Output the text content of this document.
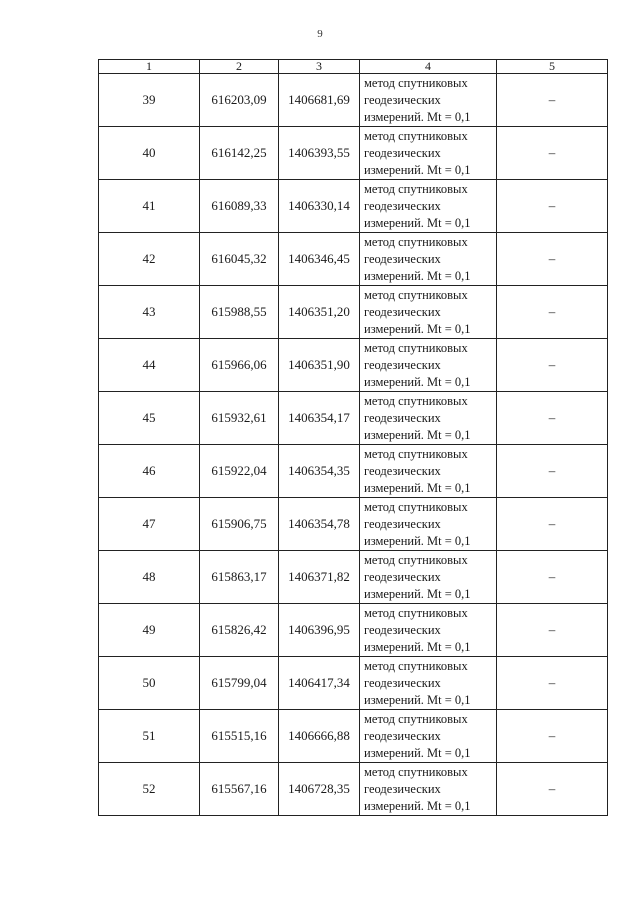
9
1	2	3	4	5
39	616203,09	1406681,69	метод спутниковых
геодезических
измерений. Mt = 0,1	–
40	616142,25	1406393,55	метод спутниковых
геодезических
измерений. Mt = 0,1	–
41	616089,33	1406330,14	метод спутниковых
геодезических
измерений. Mt = 0,1	–
42	616045,32	1406346,45	метод спутниковых
геодезических
измерений. Mt = 0,1	–
43	615988,55	1406351,20	метод спутниковых
геодезических
измерений. Mt = 0,1	–
44	615966,06	1406351,90	метод спутниковых
геодезических
измерений. Mt = 0,1	–
45	615932,61	1406354,17	метод спутниковых
геодезических
измерений. Mt = 0,1	–
46	615922,04	1406354,35	метод спутниковых
геодезических
измерений. Mt = 0,1	–
47	615906,75	1406354,78	метод спутниковых
геодезических
измерений. Mt = 0,1	–
48	615863,17	1406371,82	метод спутниковых
геодезических
измерений. Mt = 0,1	–
49	615826,42	1406396,95	метод спутниковых
геодезических
измерений. Mt = 0,1	–
50	615799,04	1406417,34	метод спутниковых
геодезических
измерений. Mt = 0,1	–
51	615515,16	1406666,88	метод спутниковых
геодезических
измерений. Mt = 0,1	–
52	615567,16	1406728,35	метод спутниковых
геодезических
измерений. Mt = 0,1	–
